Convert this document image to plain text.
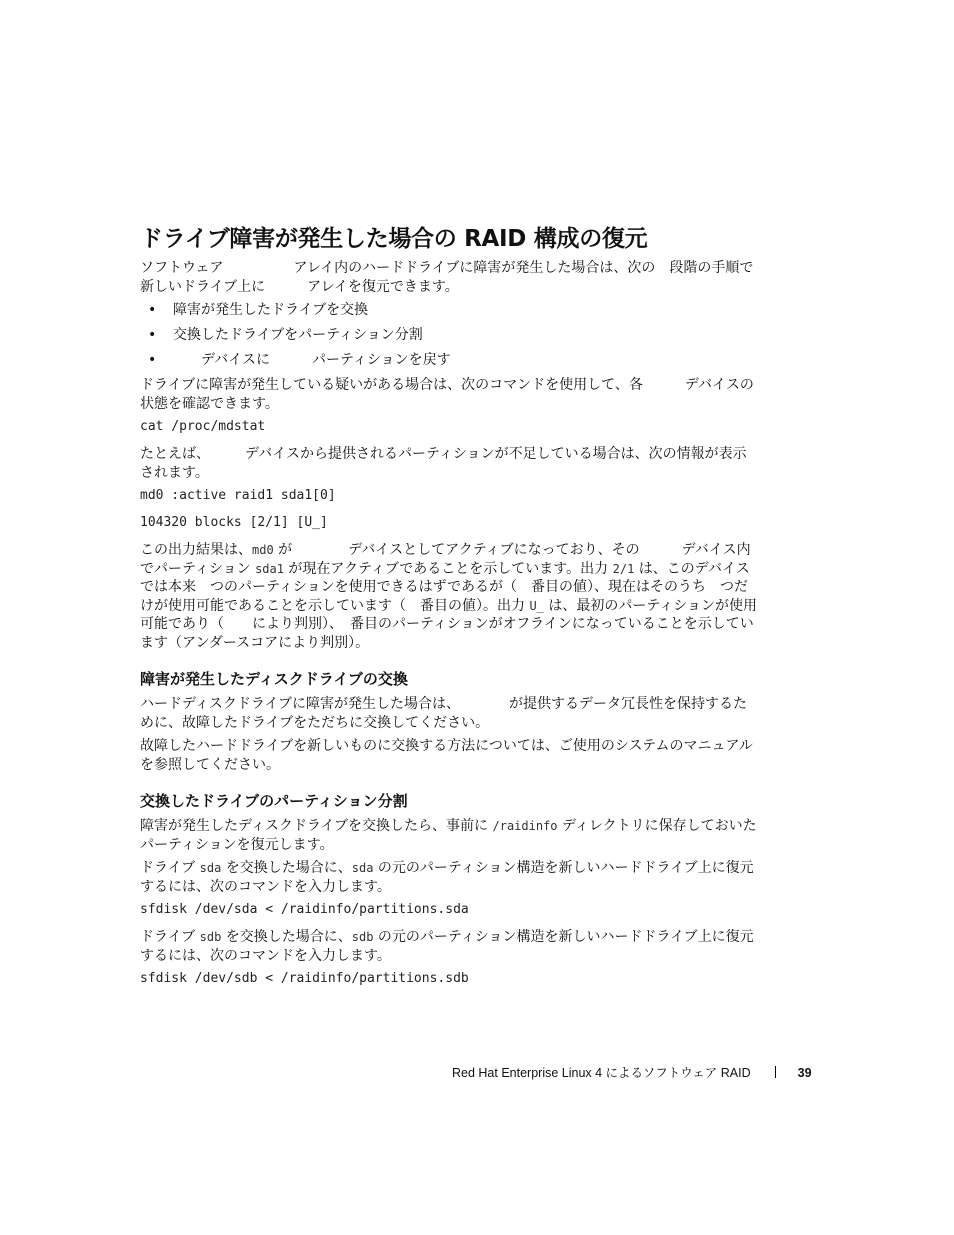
ドライブ障害が発生した場合の RAID 構成の復元

ソフトウェア　　　　　アレイ内のハードドライブに障害が発生した場合は、次の　段階の手順で新しいドライブ上に　　　アレイを復元できます。

• 障害が発生したドライブを交換
• 交換したドライブをパーティション分割
• 　　デバイスに　　　パーティションを戻す

ドライブに障害が発生している疑いがある場合は、次のコマンドを使用して、各　　　デバイスの状態を確認できます。

cat /proc/mdstat

たとえば、　　　デバイスから提供されるパーティションが不足している場合は、次の情報が表示されます。

md0 :active raid1 sda1[0]
104320 blocks [2/1] [U_]

この出力結果は、md0 が　　　　デバイスとしてアクティブになっており、その　　　デバイス内でパーティション sda1 が現在アクティブであることを示しています。出力 2/1 は、このデバイスでは本来　つのパーティションを使用できるはずであるが（　番目の値）、現在はそのうち　つだけが使用可能であることを示しています（　番目の値）。出力 U_ は、最初のパーティションが使用可能であり（　　により判別）、　番目のパーティションがオフラインになっていることを示しています（アンダースコアにより判別）。

障害が発生したディスクドライブの交換

ハードディスクドライブに障害が発生した場合は、　　　　が提供するデータ冗長性を保持するために、故障したドライブをただちに交換してください。

故障したハードドライブを新しいものに交換する方法については、ご使用のシステムのマニュアルを参照してください。

交換したドライブのパーティション分割

障害が発生したディスクドライブを交換したら、事前に /raidinfo ディレクトリに保存しておいたパーティションを復元します。

ドライブ sda を交換した場合に、sda の元のパーティション構造を新しいハードドライブ上に復元するには、次のコマンドを入力します。

sfdisk /dev/sda < /raidinfo/partitions.sda

ドライブ sdb を交換した場合に、sdb の元のパーティション構造を新しいハードドライブ上に復元するには、次のコマンドを入力します。

sfdisk /dev/sdb < /raidinfo/partitions.sdb
Red Hat Enterprise Linux 4 によるソフトウェア RAID	39
